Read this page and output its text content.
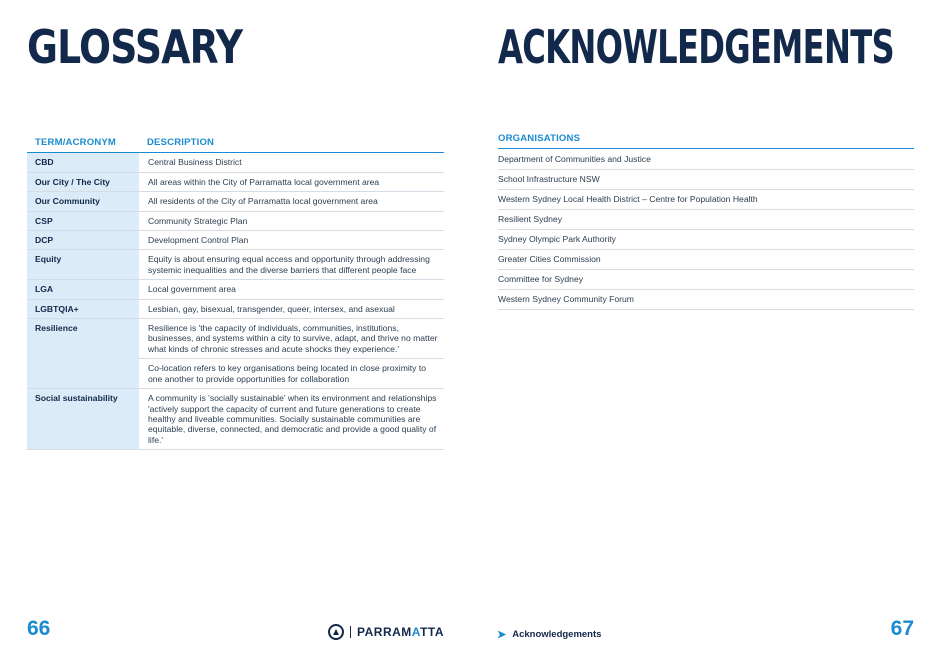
GLOSSARY	ACKNOWLEDGEMENTS
TERM/ACRONYM	DESCRIPTION
CBD	Central Business District
Our City / The City	All areas within the City of Parramatta local government area
Our Community	All residents of the City of Parramatta local government area
CSP	Community Strategic Plan
DCP	Development Control Plan
Equity	Equity is about ensuring equal access and opportunity through addressing systemic inequalities and the diverse barriers that different people face
LGA	Local government area
LGBTQIA+	Lesbian, gay, bisexual, transgender, queer, intersex, and asexual
Resilience	Resilience is 'the capacity of individuals, communities, institutions, businesses, and systems within a city to survive, adapt, and thrive no matter what kinds of chronic stresses and acute shocks they experience.'
	Co-location refers to key organisations being located in close proximity to one another to provide opportunities for collaboration
Social sustainability	A community is 'socially sustainable' when its environment and relationships 'actively support the capacity of current and future generations to create healthy and liveable communities. Socially sustainable communities are equitable, diverse, connected, and democratic and provide a good quality of life.'
ORGANISATIONS
Department of Communities and Justice
School Infrastructure NSW
Western Sydney Local Health District – Centre for Population Health
Resilient Sydney
Sydney Olympic Park Authority
Greater Cities Commission
Committee for Sydney
Western Sydney Community Forum
66	PARRAMATTA	➤ Acknowledgements	67
